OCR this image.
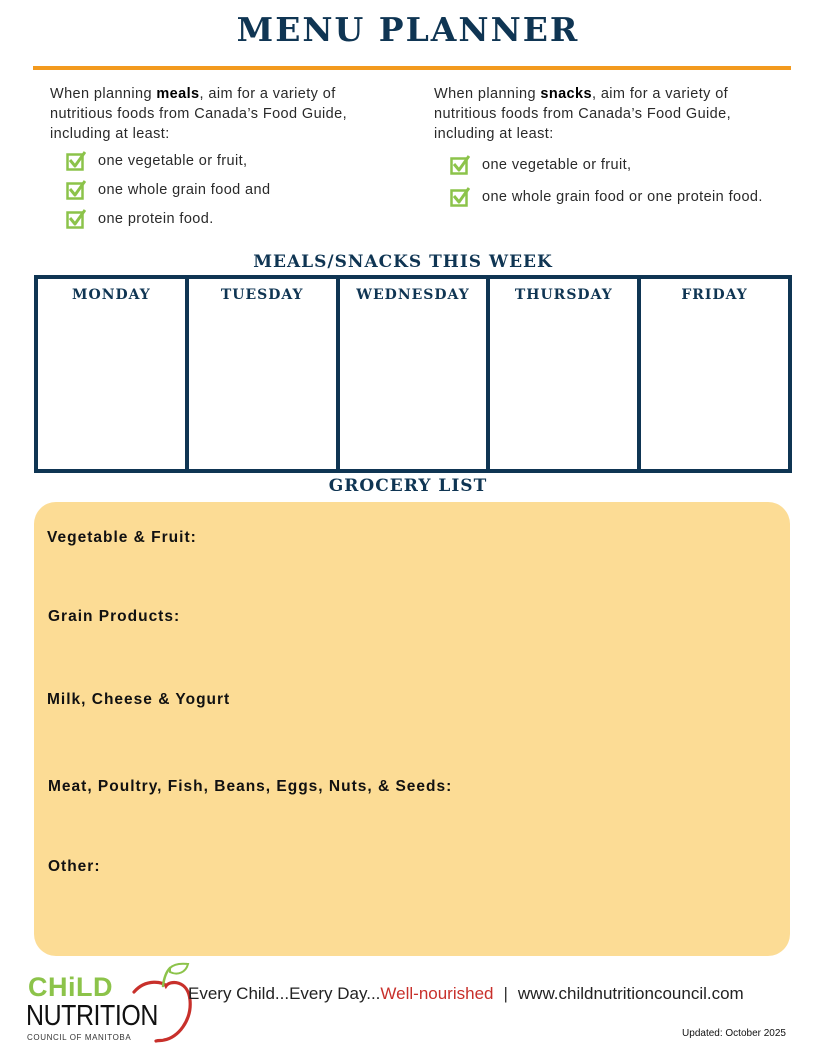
MENU PLANNER
When planning meals, aim for a variety of nutritious foods from Canada’s Food Guide, including at least:
one vegetable or fruit,
one whole grain food and
one protein food.
When planning snacks, aim for a variety of nutritious foods from Canada’s Food Guide, including at least:
one vegetable or fruit,
one whole grain food or one protein food.
MEALS/SNACKS THIS WEEK
MONDAY	TUESDAY	WEDNESDAY	THURSDAY	FRIDAY
GROCERY LIST
Vegetable & Fruit:
Grain Products:
Milk, Cheese & Yogurt
Meat, Poultry, Fish, Beans, Eggs, Nuts, & Seeds:
Other:
CHiLD
NUTRITION
COUNCIL OF MANITOBA
Every Child...Every Day...Well-nourished | www.childnutritioncouncil.com
Updated: October 2025
